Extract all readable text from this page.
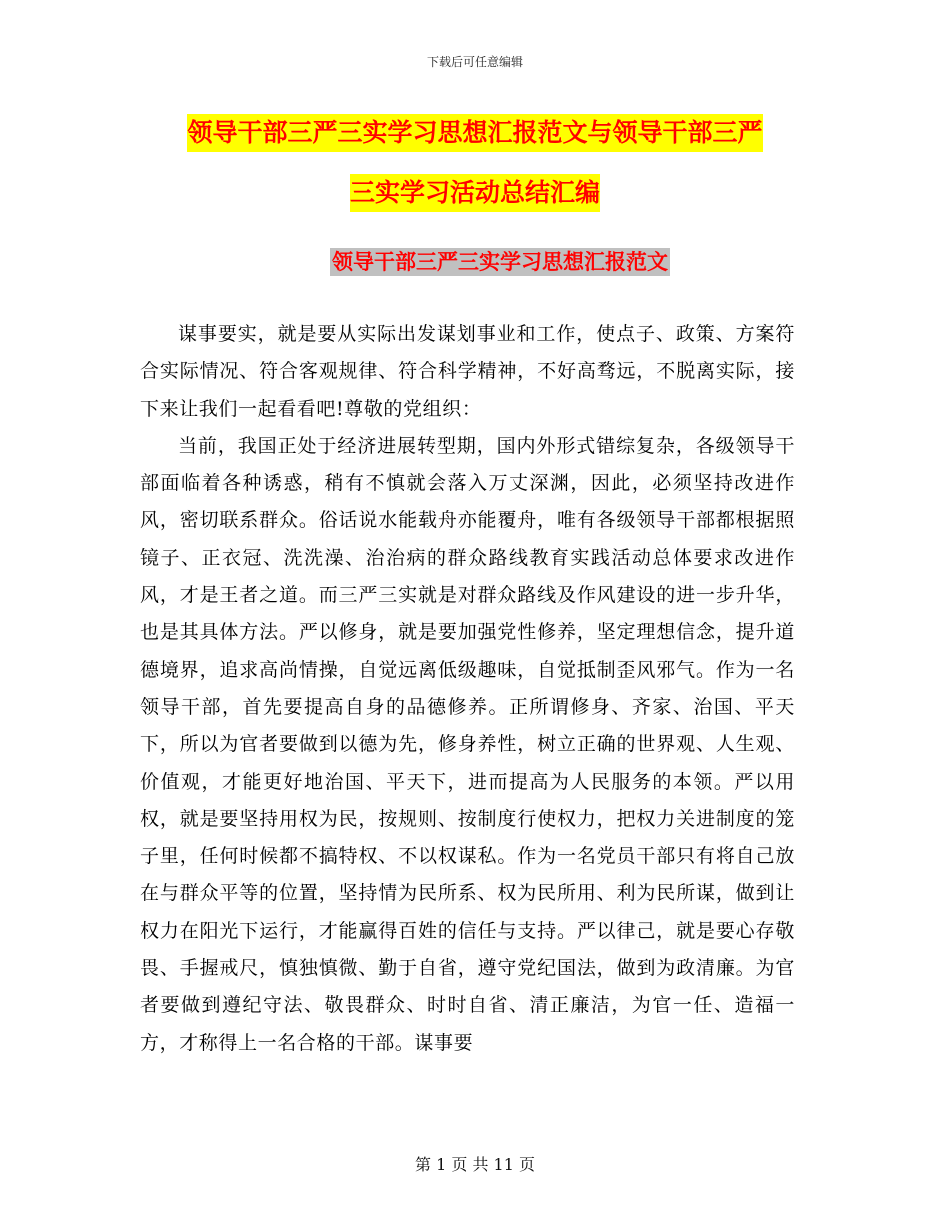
下载后可任意编辑
领导干部三严三实学习思想汇报范文与领导干部三严
三实学习活动总结汇编
领导干部三严三实学习思想汇报范文

谋事要实，就是要从实际出发谋划事业和工作，使点子、政策、方案符合实际情况、符合客观规律、符合科学精神，不好高骛远，不脱离实际，接下来让我们一起看看吧!尊敬的党组织：

当前，我国正处于经济进展转型期，国内外形式错综复杂，各级领导干部面临着各种诱惑，稍有不慎就会落入万丈深渊，因此，必须坚持改进作风，密切联系群众。俗话说水能载舟亦能覆舟，唯有各级领导干部都根据照镜子、正衣冠、洗洗澡、治治病的群众路线教育实践活动总体要求改进作风，才是王者之道。而三严三实就是对群众路线及作风建设的进一步升华，也是其具体方法。严以修身，就是要加强党性修养，坚定理想信念，提升道德境界，追求高尚情操，自觉远离低级趣味，自觉抵制歪风邪气。作为一名领导干部，首先要提高自身的品德修养。正所谓修身、齐家、治国、平天下，所以为官者要做到以德为先，修身养性，树立正确的世界观、人生观、价值观，才能更好地治国、平天下，进而提高为人民服务的本领。严以用权，就是要坚持用权为民，按规则、按制度行使权力，把权力关进制度的笼子里，任何时候都不搞特权、不以权谋私。作为一名党员干部只有将自己放在与群众平等的位置，坚持情为民所系、权为民所用、利为民所谋，做到让权力在阳光下运行，才能赢得百姓的信任与支持。严以律己，就是要心存敬畏、手握戒尺，慎独慎微、勤于自省，遵守党纪国法，做到为政清廉。为官者要做到遵纪守法、敬畏群众、时时自省、清正廉洁，为官一任、造福一方，才称得上一名合格的干部。谋事要

第 1 页 共 11 页
